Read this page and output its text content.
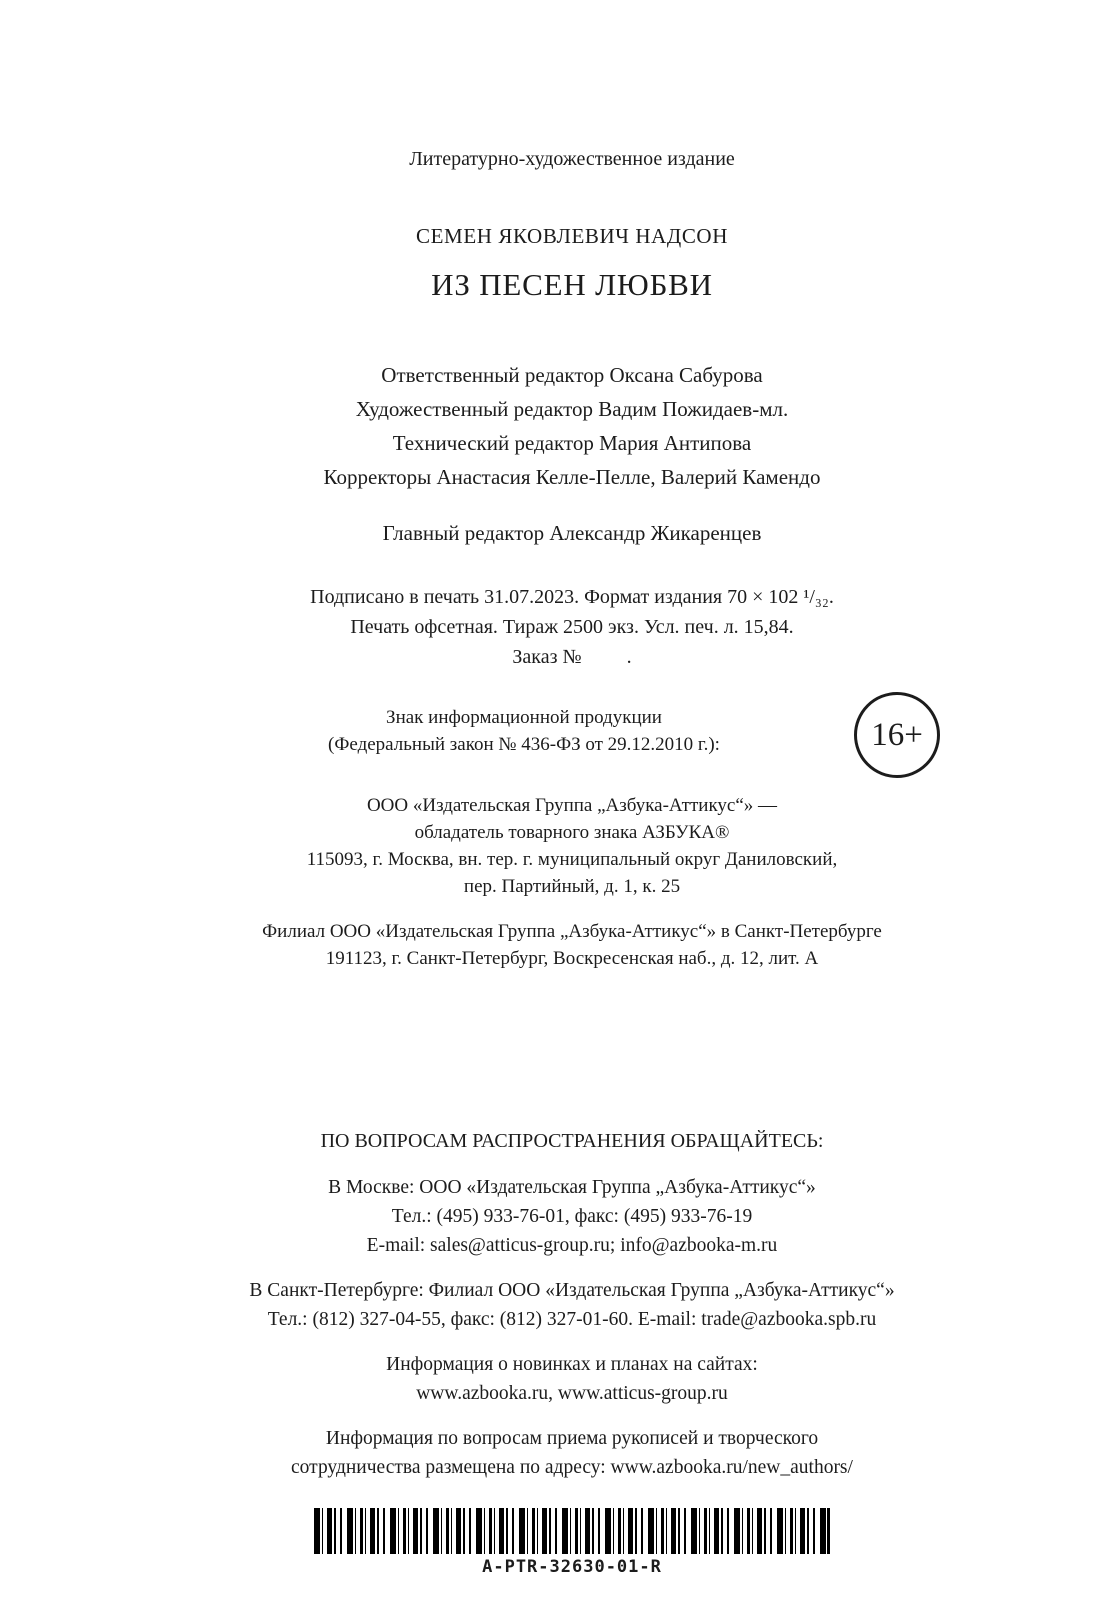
Литературно-художественное издание
СЕМЕН ЯКОВЛЕВИЧ НАДСОН
ИЗ ПЕСЕН ЛЮБВИ
Ответственный редактор Оксана Сабурова
Художественный редактор Вадим Пожидаев-мл.
Технический редактор Мария Антипова
Корректоры Анастасия Келле-Пелле, Валерий Камендо
Главный редактор Александр Жикаренцев
Подписано в печать 31.07.2023. Формат издания 70 × 102 ¹/₃₂.
Печать офсетная. Тираж 2500 экз. Усл. печ. л. 15,84.
Заказ №         .
Знак информационной продукции
(Федеральный закон № 436-ФЗ от 29.12.2010 г.):	16+
ООО «Издательская Группа „Азбука-Аттикус“» —
обладатель товарного знака АЗБУКА®
115093, г. Москва, вн. тер. г. муниципальный округ Даниловский,
пер. Партийный, д. 1, к. 25
Филиал ООО «Издательская Группа „Азбука-Аттикус“» в Санкт-Петербурге
191123, г. Санкт-Петербург, Воскресенская наб., д. 12, лит. А
ПО ВОПРОСАМ РАСПРОСТРАНЕНИЯ ОБРАЩАЙТЕСЬ:
В Москве: ООО «Издательская Группа „Азбука-Аттикус“»
Тел.: (495) 933-76-01, факс: (495) 933-76-19
E-mail: sales@atticus-group.ru; info@azbooka-m.ru
В Санкт-Петербурге: Филиал ООО «Издательская Группа „Азбука-Аттикус“»
Тел.: (812) 327-04-55, факс: (812) 327-01-60. E-mail: trade@azbooka.spb.ru
Информация о новинках и планах на сайтах:
www.azbooka.ru, www.atticus-group.ru
Информация по вопросам приема рукописей и творческого
сотрудничества размещена по адресу: www.azbooka.ru/new_authors/
A-PTR-32630-01-R
